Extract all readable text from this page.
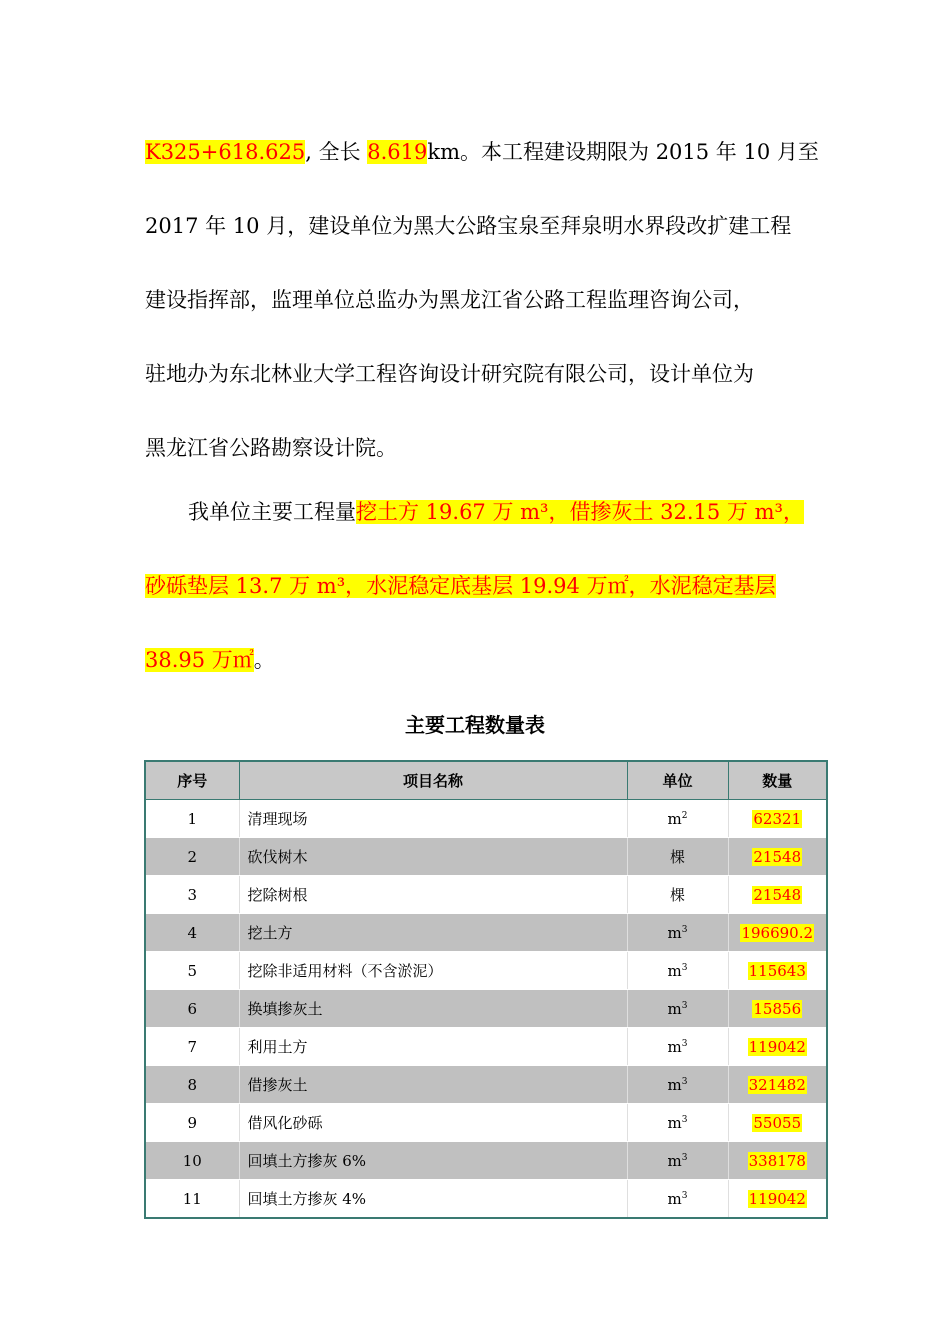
K325+618.625, 全长 8.619km。本工程建设期限为 2015 年 10 月至
2017 年 10 月，建设单位为黑大公路宝泉至拜泉明水界段改扩建工程
建设指挥部，监理单位总监办为黑龙江省公路工程监理咨询公司，
驻地办为东北林业大学工程咨询设计研究院有限公司，设计单位为
黑龙江省公路勘察设计院。
我单位主要工程量挖土方 19.67 万 m³，借掺灰土 32.15 万 m³，
砂砾垫层 13.7 万 m³，水泥稳定底基层 19.94 万㎡，水泥稳定基层
38.95 万㎡。
主要工程数量表
序号	项目名称	单位	数量
1	清理现场	$m^2$	62321
2	砍伐树木	棵	21548
3	挖除树根	棵	21548
4	挖土方	$m^3$	196690.2
5	挖除非适用材料（不含淤泥）	$m^3$	115643
6	换填掺灰土	$m^3$	15856
7	利用土方	$m^3$	119042
8	借掺灰土	$m^3$	321482
9	借风化砂砾	$m^3$	55055
10	回填土方掺灰 6%	$m^3$	338178
11	回填土方掺灰 4%	$m^3$	119042
